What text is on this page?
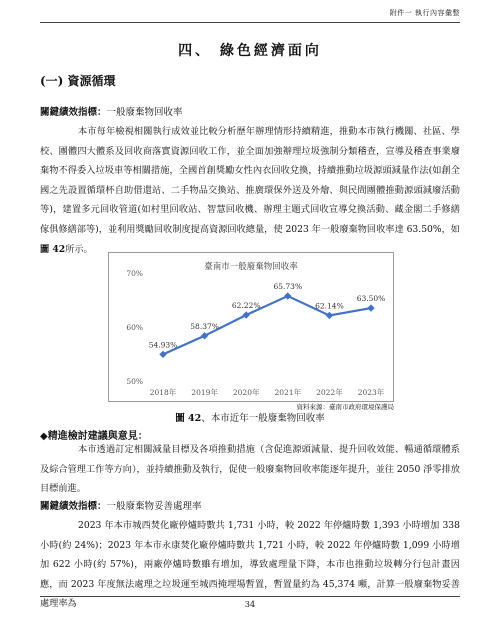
附件一 執行內容彙整
四、 綠色經濟面向
(一) 資源循環
關鍵績效指標：一般廢棄物回收率

本市每年檢視相關執行成效並比較分析歷年辦理情形持續精進，推動本市執行機關、社區、學校、團體四大體系及回收商落實資源回收工作，並全面加強辦理垃圾強制分類稽查，宣導及稽查事業廢棄物不得委入垃圾車等相關措施，全國首創獎勵女性內衣回收兌換，持續推動垃圾源頭減量作法(如創全國之先設置循環杯自助借還站、二手物品交換站、推廣環保外送及外燴、與民間團體推動源頭減廢活動等)，建置多元回收管道(如村里回收站、智慧回收機、辦理主題式回收宣導兌換活動、藏金閣二手修繕傢俱修繕部等)，並利用獎勵回收制度提高資源回收總量，使 2023 年一般廢棄物回收率達 63.50%，如圖 42所示。

臺南市一般廢棄物回收率
50%
60%
70%
2018年 2019年 2020年 2021年 2022年 2023年
54.93%
58.37%
62.22%
65.73%
62.14%
63.50%
資料來源：臺南市政府環境保護局
圖 42、本市近年一般廢棄物回收率
◆精進檢討建議與意見：

本市透過訂定相關減量目標及各項推動措施（含促進源頭減量、提升回收效能、暢通循環體系及綜合管理工作等方向），並持續推動及執行，促使一般廢棄物回收率能逐年提升，並往 2050 淨零排放目標前進。

關鍵績效指標：一般廢棄物妥善處理率

2023 年本市城西焚化廠停爐時數共 1,731 小時，較 2022 年停爐時數 1,393 小時增加 338 小時(約 24%)；2023 年本市永康焚化廠停爐時數共 1,721 小時，較 2022 年停爐時數 1,099 小時增加 622 小時(約 57%)，兩廠停爐時數雖有增加，導致處理量下降，本市也推動垃圾轉分行包計畫因應，而 2023 年度無法處理之垃圾運至城西掩埋場暫置，暫置量約為 45,374 噸，計算一般廢棄物妥善處理率為	34
